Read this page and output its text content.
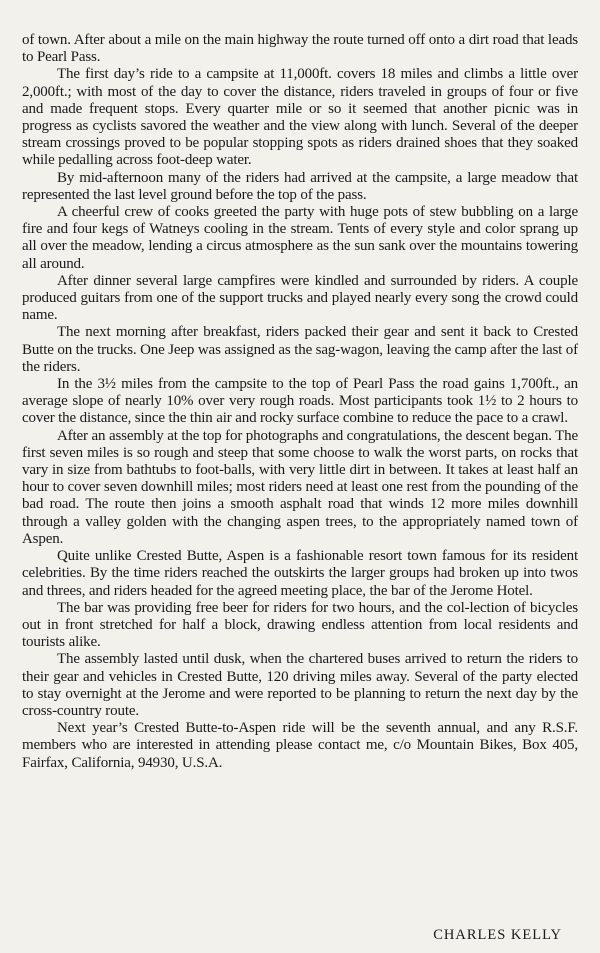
of town. After about a mile on the main highway the route turned off onto a dirt road that leads to Pearl Pass.

The first day’s ride to a campsite at 11,000ft. covers 18 miles and climbs a little over 2,000ft.; with most of the day to cover the distance, riders traveled in groups of four or five and made frequent stops. Every quarter mile or so it seemed that another picnic was in progress as cyclists savored the weather and the view along with lunch. Several of the deeper stream crossings proved to be popular stopping spots as riders drained shoes that they soaked while pedalling across foot-deep water.

By mid-afternoon many of the riders had arrived at the campsite, a large meadow that represented the last level ground before the top of the pass.

A cheerful crew of cooks greeted the party with huge pots of stew bubbling on a large fire and four kegs of Watneys cooling in the stream. Tents of every style and color sprang up all over the meadow, lending a circus atmosphere as the sun sank over the mountains towering all around.

After dinner several large campfires were kindled and surrounded by riders. A couple produced guitars from one of the support trucks and played nearly every song the crowd could name.

The next morning after breakfast, riders packed their gear and sent it back to Crested Butte on the trucks. One Jeep was assigned as the sag-wagon, leaving the camp after the last of the riders.

In the 3½ miles from the campsite to the top of Pearl Pass the road gains 1,700ft., an average slope of nearly 10% over very rough roads. Most participants took 1½ to 2 hours to cover the distance, since the thin air and rocky surface combine to reduce the pace to a crawl.

After an assembly at the top for photographs and congratulations, the descent began. The first seven miles is so rough and steep that some choose to walk the worst parts, on rocks that vary in size from bathtubs to foot-balls, with very little dirt in between. It takes at least half an hour to cover seven downhill miles; most riders need at least one rest from the pounding of the bad road. The route then joins a smooth asphalt road that winds 12 more miles downhill through a valley golden with the changing aspen trees, to the appropriately named town of Aspen.

Quite unlike Crested Butte, Aspen is a fashionable resort town famous for its resident celebrities. By the time riders reached the outskirts the larger groups had broken up into twos and threes, and riders headed for the agreed meeting place, the bar of the Jerome Hotel.

The bar was providing free beer for riders for two hours, and the col-lection of bicycles out in front stretched for half a block, drawing endless attention from local residents and tourists alike.

The assembly lasted until dusk, when the chartered buses arrived to return the riders to their gear and vehicles in Crested Butte, 120 driving miles away. Several of the party elected to stay overnight at the Jerome and were reported to be planning to return the next day by the cross-country route.

Next year’s Crested Butte-to-Aspen ride will be the seventh annual, and any R.S.F. members who are interested in attending please contact me, c/o Mountain Bikes, Box 405, Fairfax, California, 94930, U.S.A.

CHARLES KELLY
